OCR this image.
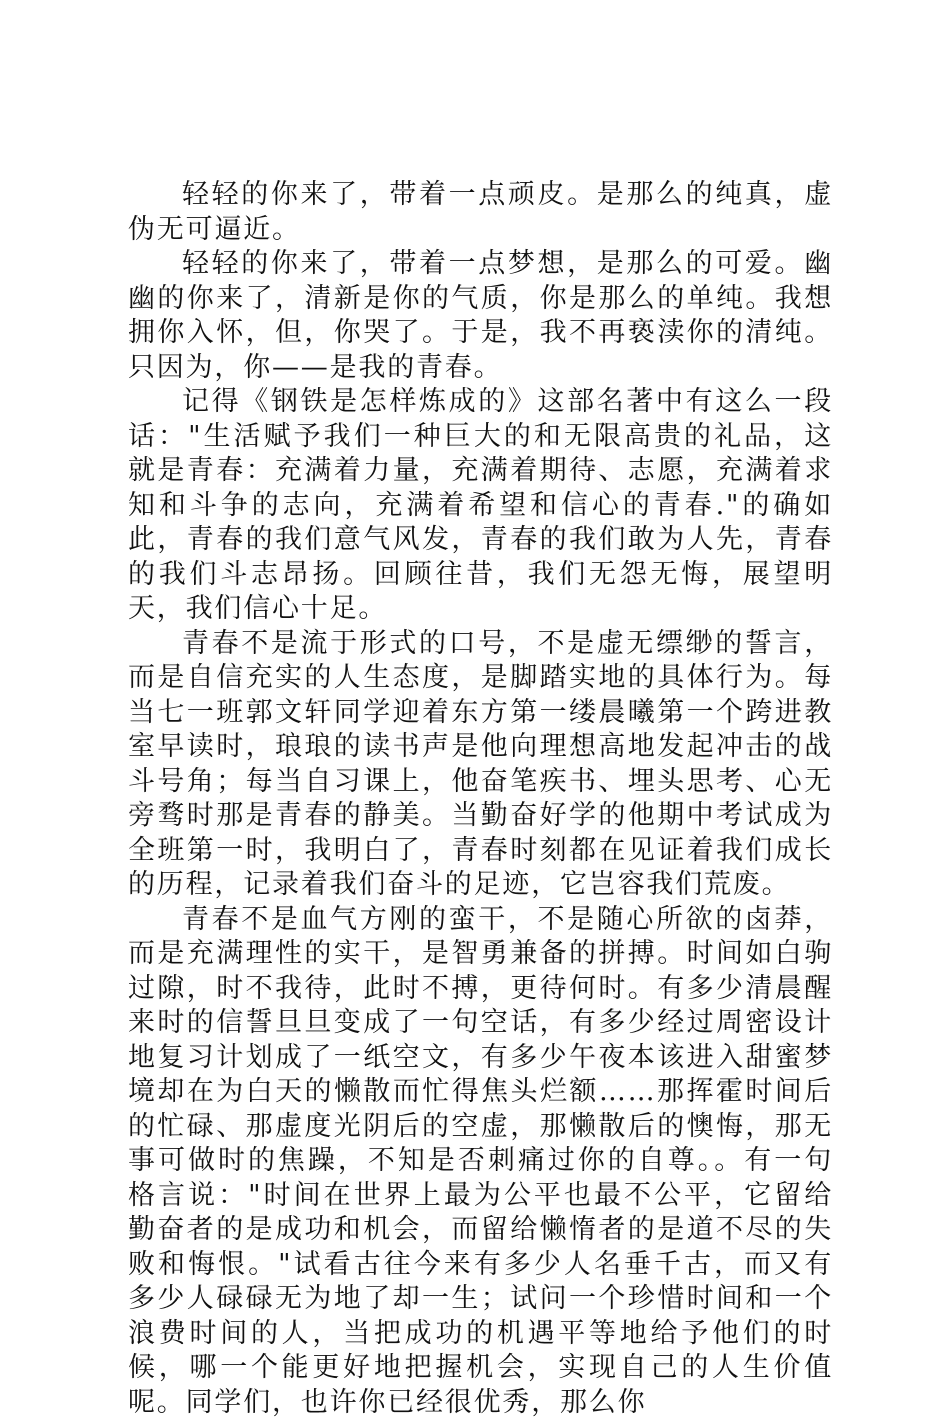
轻轻的你来了，带着一点顽皮。是那么的纯真，虚伪无可逼近。

轻轻的你来了，带着一点梦想，是那么的可爱。幽幽的你来了，清新是你的气质，你是那么的单纯。我想拥你入怀，但，你哭了。于是，我不再亵渎你的清纯。只因为，你——是我的青春。

记得《钢铁是怎样炼成的》这部名著中有这么一段话："生活赋予我们一种巨大的和无限高贵的礼品，这就是青春：充满着力量，充满着期待、志愿，充满着求知和斗争的志向，充满着希望和信心的青春."的确如此，青春的我们意气风发，青春的我们敢为人先，青春的我们斗志昂扬。回顾往昔，我们无怨无悔，展望明天，我们信心十足。

青春不是流于形式的口号，不是虚无缥缈的誓言，而是自信充实的人生态度，是脚踏实地的具体行为。每当七一班郭文轩同学迎着东方第一缕晨曦第一个跨进教室早读时，琅琅的读书声是他向理想高地发起冲击的战斗号角；每当自习课上，他奋笔疾书、埋头思考、心无旁骛时那是青春的静美。当勤奋好学的他期中考试成为全班第一时，我明白了，青春时刻都在见证着我们成长的历程，记录着我们奋斗的足迹，它岂容我们荒废。

青春不是血气方刚的蛮干，不是随心所欲的卤莽，而是充满理性的实干，是智勇兼备的拼搏。时间如白驹过隙，时不我待，此时不搏，更待何时。有多少清晨醒来时的信誓旦旦变成了一句空话，有多少经过周密设计地复习计划成了一纸空文，有多少午夜本该进入甜蜜梦境却在为白天的懒散而忙得焦头烂额……那挥霍时间后的忙碌、那虚度光阴后的空虚，那懒散后的懊悔，那无事可做时的焦躁，不知是否刺痛过你的自尊。。有一句格言说："时间在世界上最为公平也最不公平，它留给勤奋者的是成功和机会，而留给懒惰者的是道不尽的失败和悔恨。"试看古往今来有多少人名垂千古，而又有多少人碌碌无为地了却一生；试问一个珍惜时间和一个浪费时间的人，当把成功的机遇平等地给予他们的时候，哪一个能更好地把握机会，实现自己的人生价值呢。同学们，也许你已经很优秀，那么你
